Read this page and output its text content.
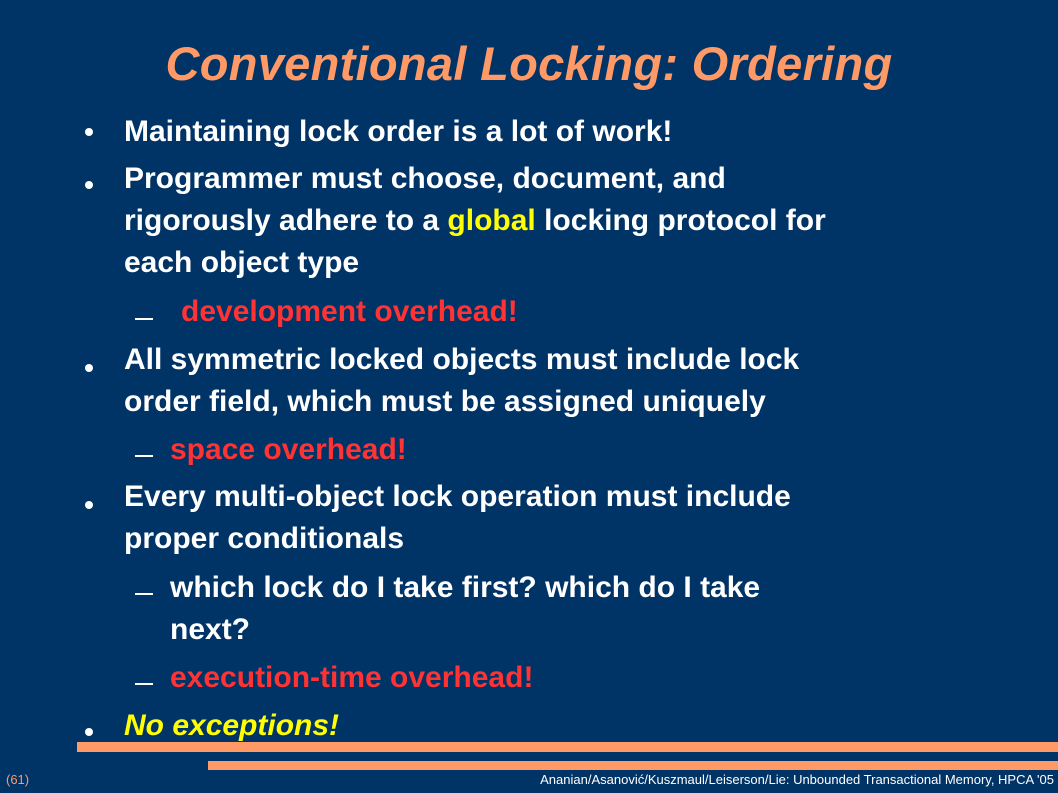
Conventional Locking: Ordering
Maintaining lock order is a lot of work!
Programmer must choose, document, and
rigorously adhere to a global locking protocol for
each object type
development overhead!
All symmetric locked objects must include lock
order field, which must be assigned uniquely
space overhead!
Every multi-object lock operation must include
proper conditionals
which lock do I take first? which do I take
next?
execution-time overhead!
No exceptions!
(61)	Ananian/Asanović/Kuszmaul/Leiserson/Lie: Unbounded Transactional Memory, HPCA '05
